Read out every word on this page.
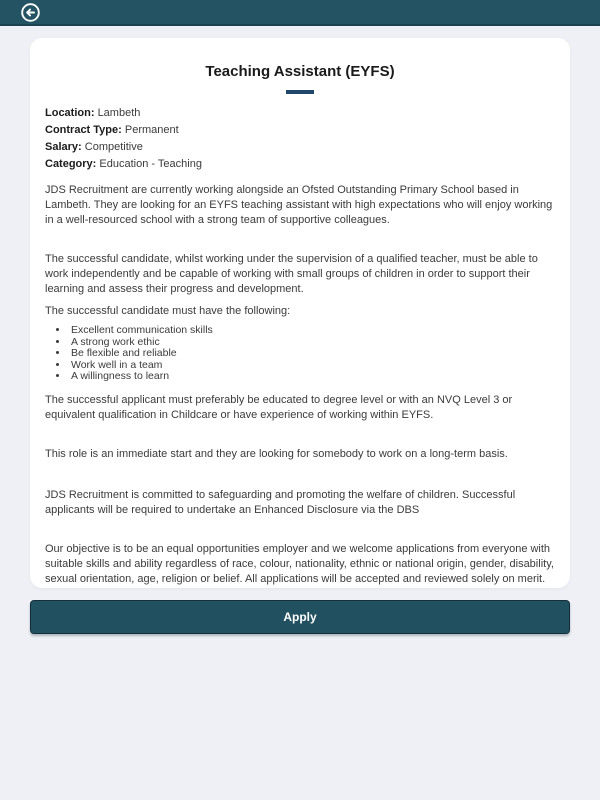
Teaching Assistant (EYFS)
Location: Lambeth
Contract Type: Permanent
Salary: Competitive
Category: Education - Teaching

JDS Recruitment are currently working alongside an Ofsted Outstanding Primary School based in Lambeth. They are looking for an EYFS teaching assistant with high expectations who will enjoy working in a well-resourced school with a strong team of supportive colleagues.

The successful candidate, whilst working under the supervision of a qualified teacher, must be able to work independently and be capable of working with small groups of children in order to support their learning and assess their progress and development.

The successful candidate must have the following:

• Excellent communication skills
• A strong work ethic
• Be flexible and reliable
• Work well in a team
• A willingness to learn

The successful applicant must preferably be educated to degree level or with an NVQ Level 3 or equivalent qualification in Childcare or have experience of working within EYFS.

This role is an immediate start and they are looking for somebody to work on a long-term basis.

JDS Recruitment is committed to safeguarding and promoting the welfare of children. Successful applicants will be required to undertake an Enhanced Disclosure via the DBS

Our objective is to be an equal opportunities employer and we welcome applications from everyone with suitable skills and ability regardless of race, colour, nationality, ethnic or national origin, gender, disability, sexual orientation, age, religion or belief. All applications will be accepted and reviewed solely on merit.

Apply
